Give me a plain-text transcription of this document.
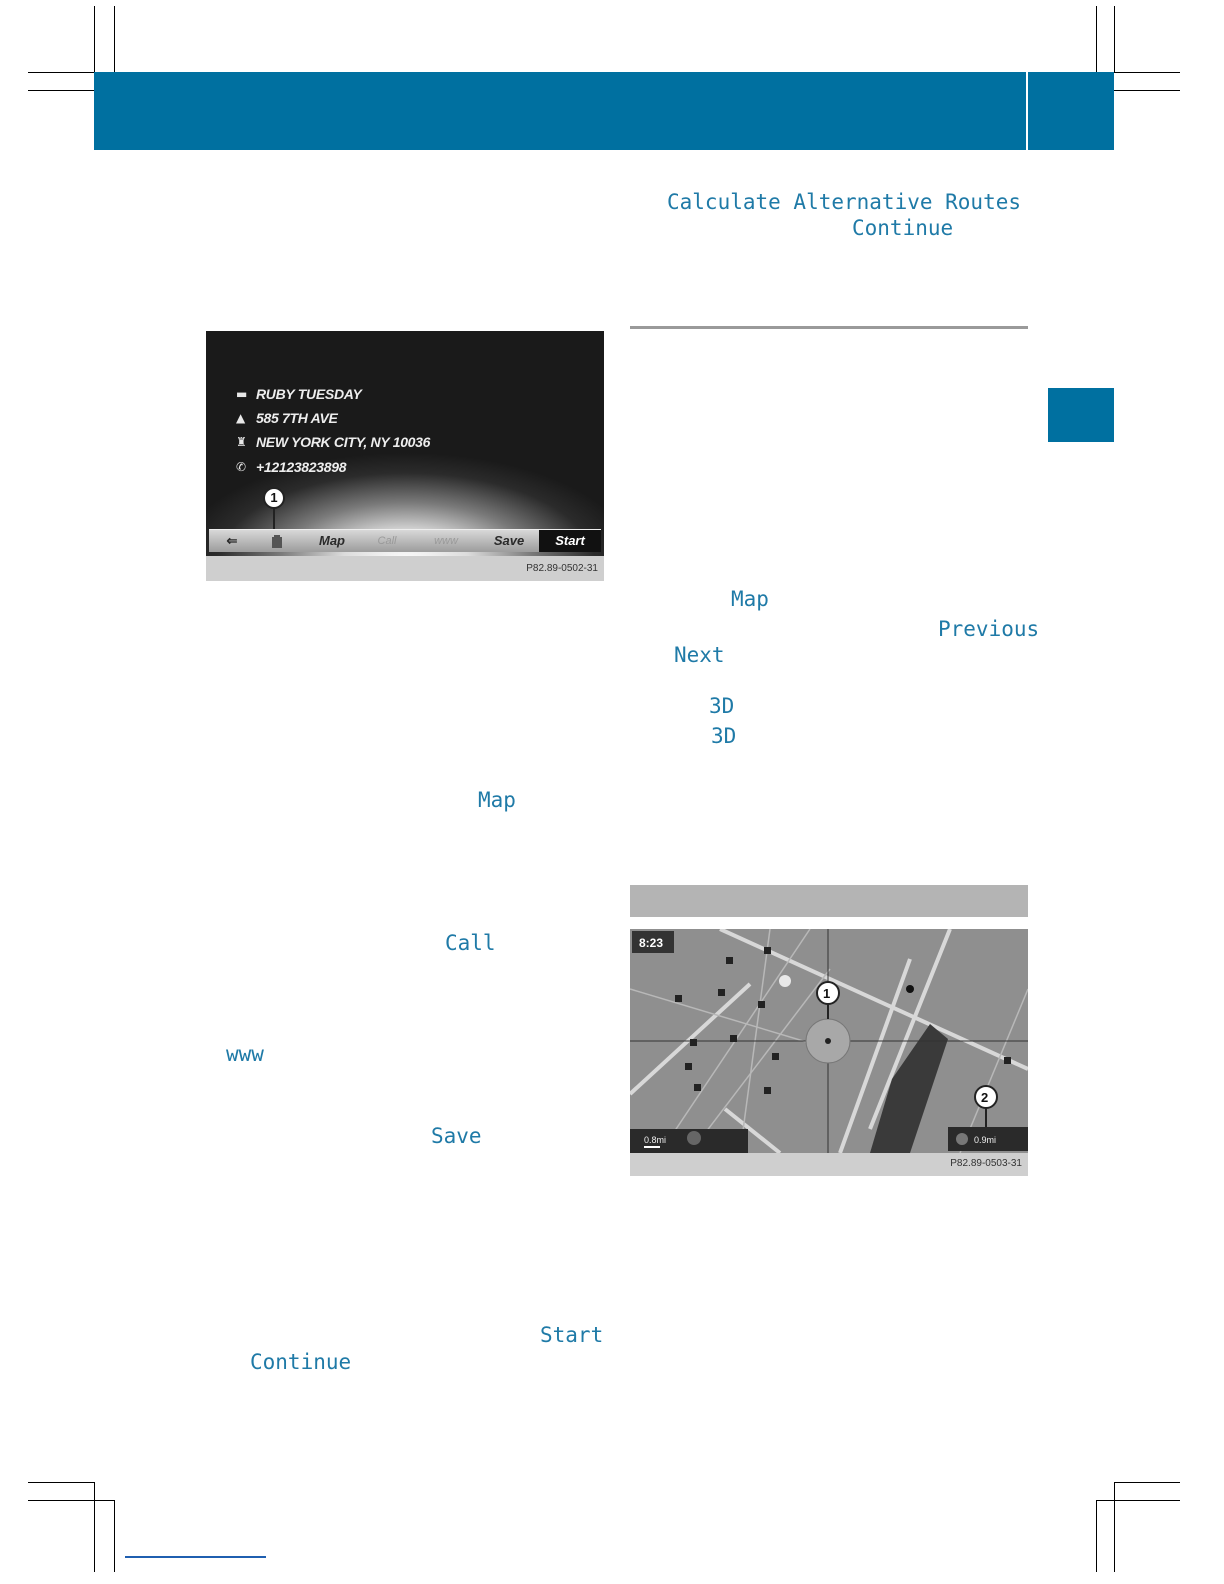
Calculate Alternative Routes
Continue
▬ RUBY TUESDAY
▲ 585 7TH AVE
♜ NEW YORK CITY, NY 10036
✆ +12123823898
1
⇐	Map	Call	www	Save	Start
P82.89-0502-31
Map
Call
www
Save
Start
Continue
Map
Previous
Next
3D
3D
8:23
0.8mi	0.9mi
1
2
P82.89-0503-31
